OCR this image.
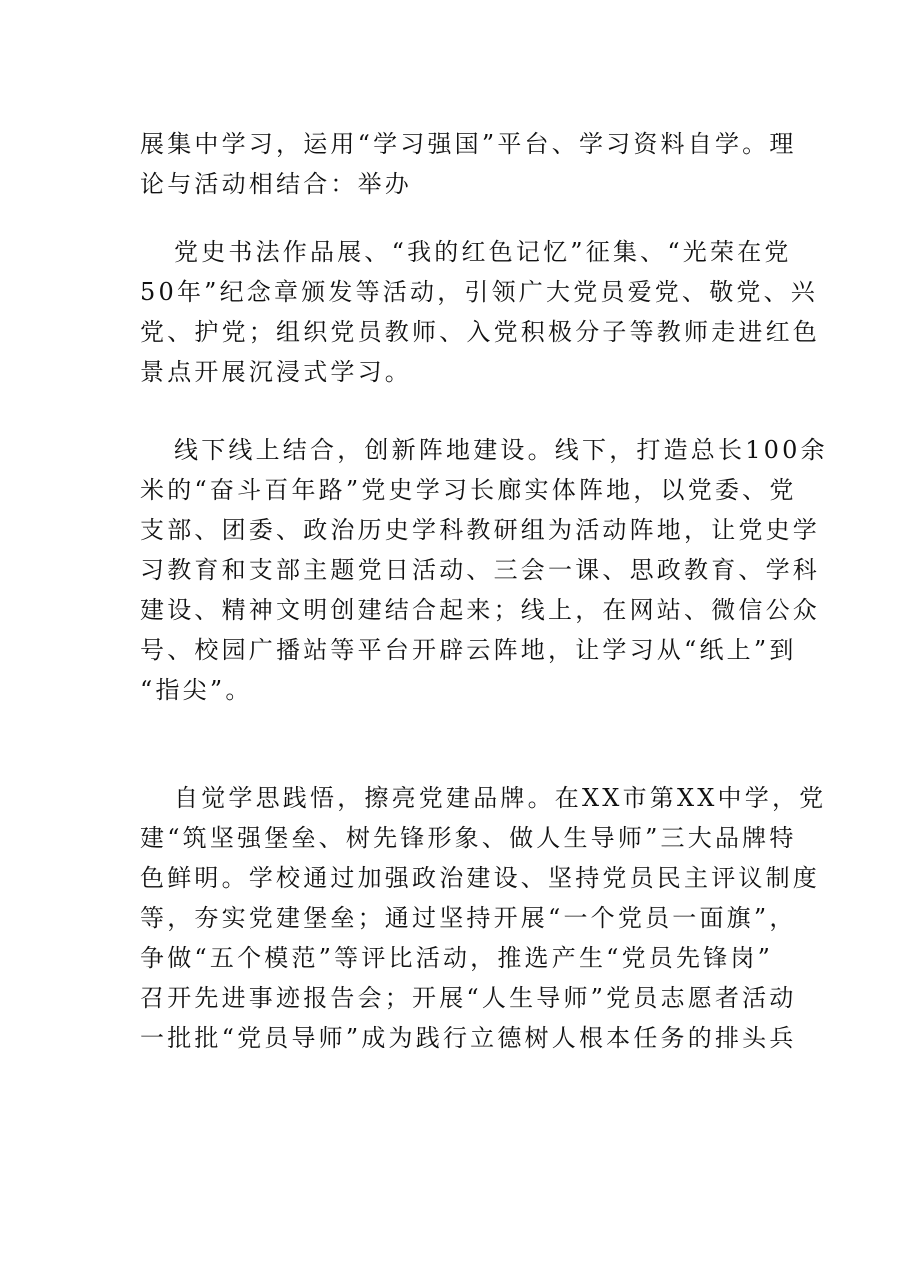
展集中学习，运用“学习强国”平台、学习资料自学。理
论与活动相结合：举办
党史书法作品展、“我的红色记忆”征集、“光荣在党
50年”纪念章颁发等活动，引领广大党员爱党、敬党、兴
党、护党；组织党员教师、入党积极分子等教师走进红色
景点开展沉浸式学习。
线下线上结合，创新阵地建设。线下，打造总长100余
米的“奋斗百年路”党史学习长廊实体阵地，以党委、党
支部、团委、政治历史学科教研组为活动阵地，让党史学
习教育和支部主题党日活动、三会一课、思政教育、学科
建设、精神文明创建结合起来；线上，在网站、微信公众
号、校园广播站等平台开辟云阵地，让学习从“纸上”到
“指尖”。
自觉学思践悟，擦亮党建品牌。在XX市第XX中学，党
建“筑坚强堡垒、树先锋形象、做人生导师”三大品牌特
色鲜明。学校通过加强政治建设、坚持党员民主评议制度
等，夯实党建堡垒；通过坚持开展“一个党员一面旗”，
争做“五个模范”等评比活动，推选产生“党员先锋岗”
召开先进事迹报告会；开展“人生导师”党员志愿者活动
一批批“党员导师”成为践行立德树人根本任务的排头兵
